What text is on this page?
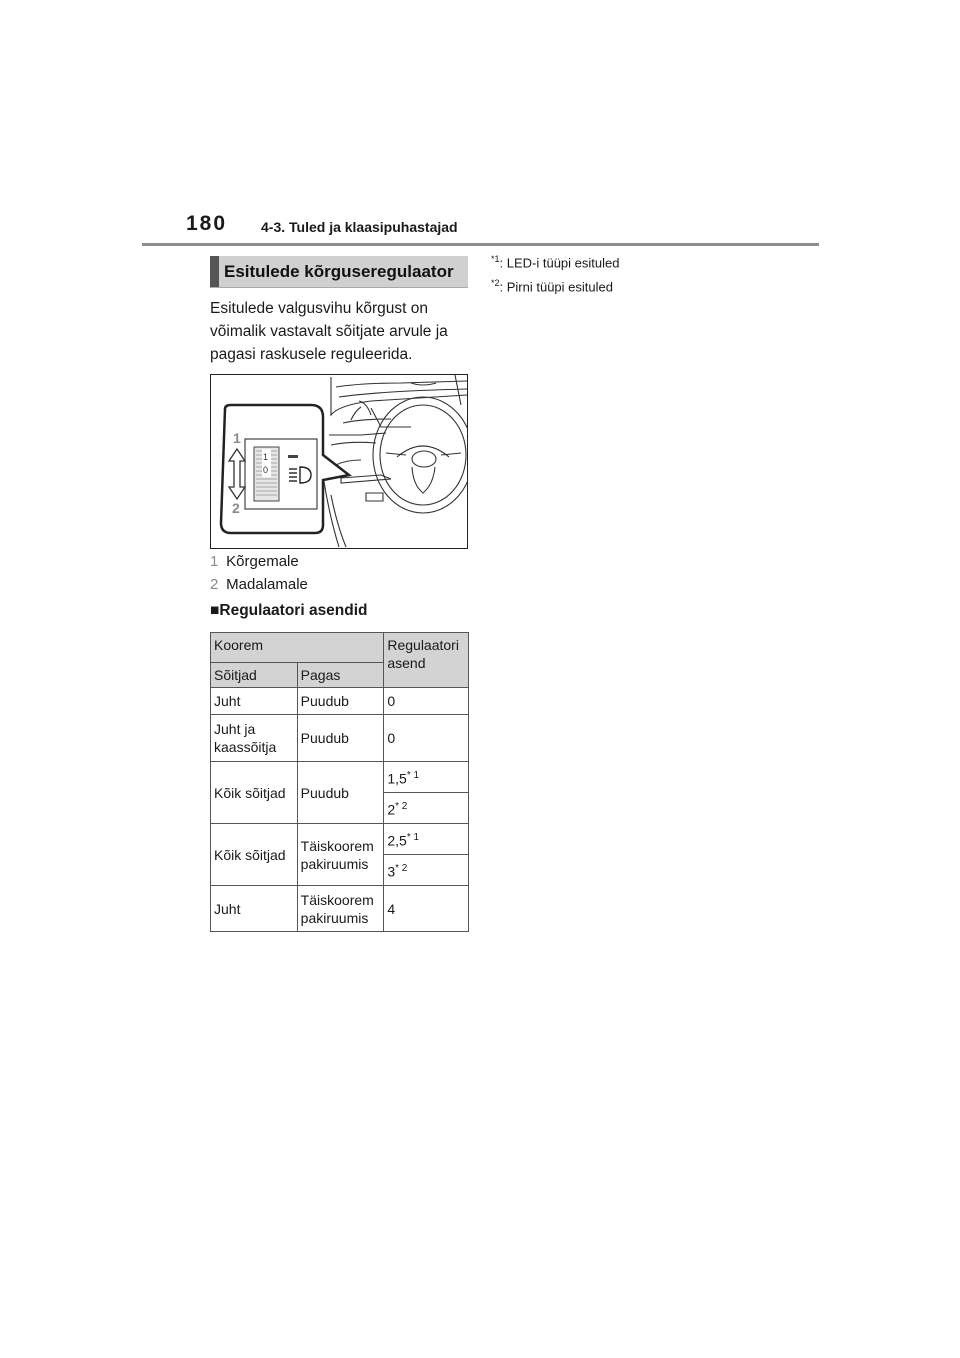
180 4-3. Tuled ja klaasipuhastajad
Esitulede kõrguseregulaator
Esitulede valgusvihu kõrgust on võimalik vastavalt sõitjate arvule ja pagasi raskusele reguleerida.
1
0
1
2
1 Kõrgemale
2 Madalamale
■Regulaatori asendid
Koorem		Regulaatori asend
Sõitjad	Pagas	
Juht	Puudub	0
Juht ja kaassõitja	Puudub	0
Kõik sõitjad	Puudub	1,5$^{* 1}$
		2$^{* 2}$
Kõik sõitjad	Täiskoorem pakiruumis	2,5$^{* 1}$
		3$^{* 2}$
Juht	Täiskoorem pakiruumis	4
$^{*1}$: LED-i tüüpi esituled
$^{*2}$: Pirni tüüpi esituled
